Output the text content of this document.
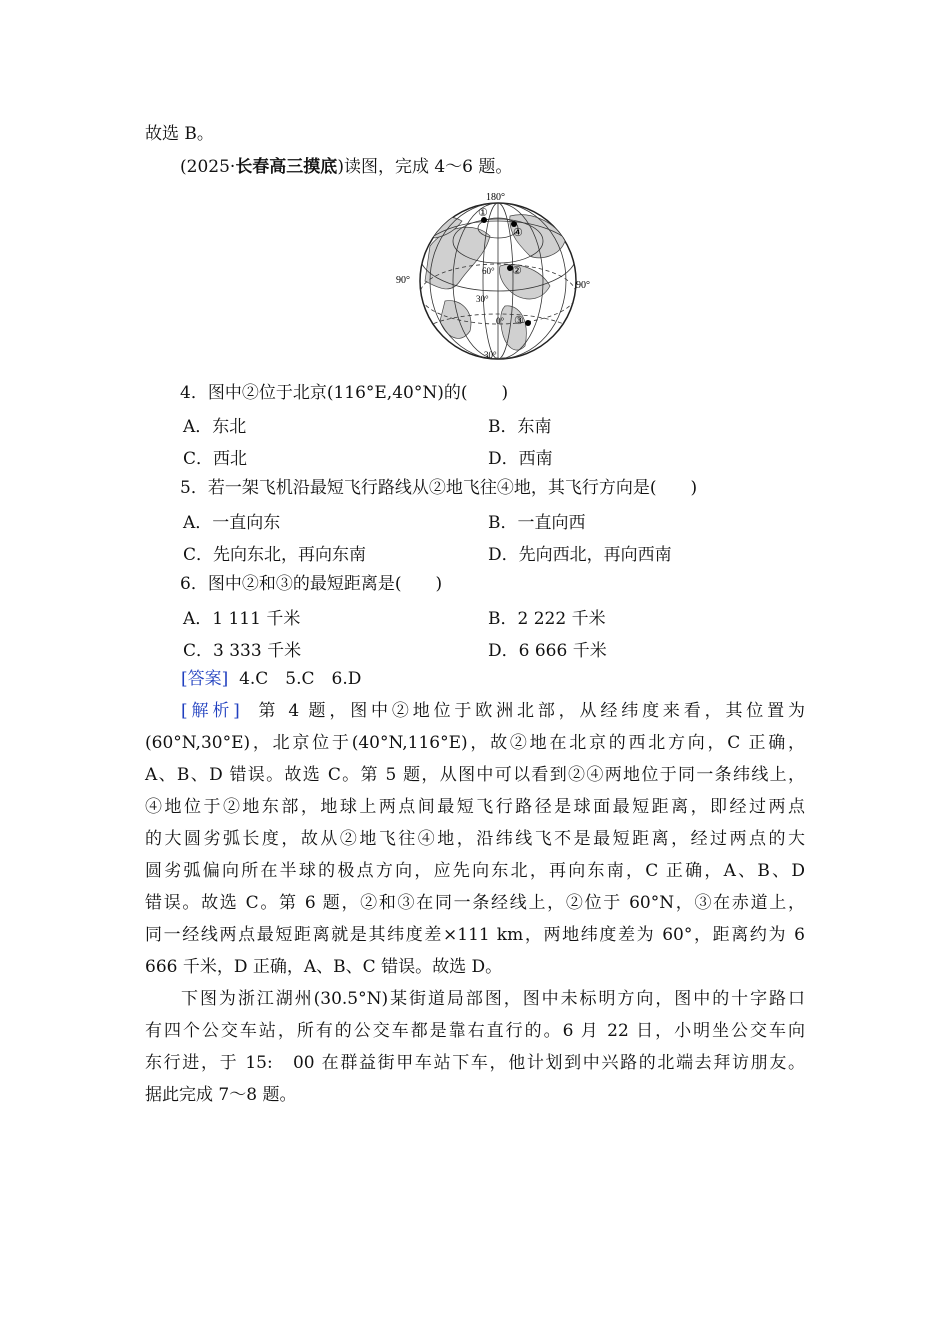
故选 B。
(2025·长春高三摸底)读图，完成 4～6 题。
180°
90°	90°
60°
30°
0°
30°
①
②
③
④
4．图中②位于北京(116°E,40°N)的(　　)
A．东北	B．东南
C．西北	D．西南
5．若一架飞机沿最短飞行路线从②地飞往④地，其飞行方向是(　　)
A．一直向东	B．一直向西
C．先向东北，再向东南	D．先向西北，再向西南
6．图中②和③的最短距离是(　　)
A．1 111 千米	B．2 222 千米
C．3 333 千米	D．6 666 千米
[答案] 4.C　5.C　6.D
[解析] 第 4 题，图中②地位于欧洲北部，从经纬度来看，其位置为
(60°N,30°E)，北京位于(40°N,116°E)，故②地在北京的西北方向，C 正确，
A、B、D 错误。故选 C。第 5 题，从图中可以看到②④两地位于同一条纬线上，
④地位于②地东部，地球上两点间最短飞行路径是球面最短距离，即经过两点
的大圆劣弧长度，故从②地飞往④地，沿纬线飞不是最短距离，经过两点的大
圆劣弧偏向所在半球的极点方向，应先向东北，再向东南，C 正确，A、B、D
错误。故选 C。第 6 题，②和③在同一条经线上，②位于 60°N，③在赤道上，
同一经线两点最短距离就是其纬度差×111 km，两地纬度差为 60°，距离约为 6
666 千米，D 正确，A、B、C 错误。故选 D。
下图为浙江湖州(30.5°N)某街道局部图，图中未标明方向，图中的十字路口
有四个公交车站，所有的公交车都是靠右直行的。6 月 22 日，小明坐公交车向
东行进，于 15:　00 在群益街甲车站下车，他计划到中兴路的北端去拜访朋友。
据此完成 7～8 题。
